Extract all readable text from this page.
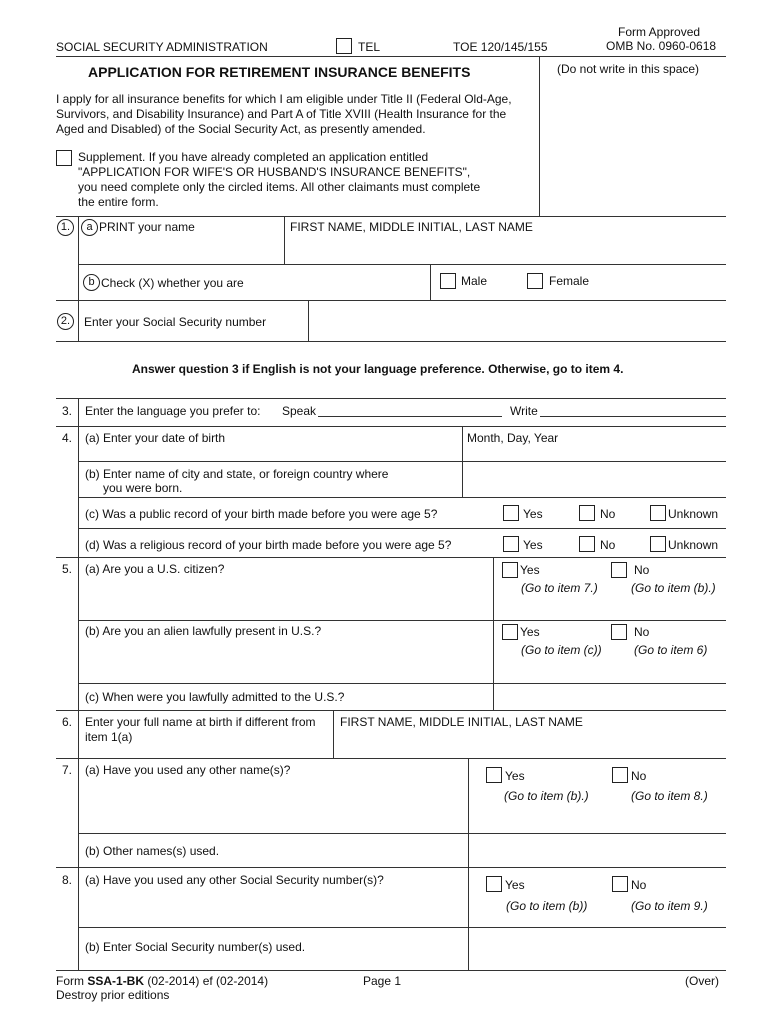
SOCIAL SECURITY ADMINISTRATION	TEL	TOE 120/145/155
Form Approved
OMB No. 0960-0618
APPLICATION FOR RETIREMENT INSURANCE BENEFITS	(Do not write in this space)
I apply for all insurance benefits for which I am eligible under Title II (Federal Old-Age,
Survivors, and Disability Insurance) and Part A of Title XVIII (Health Insurance for the
Aged and Disabled) of the Social Security Act, as presently amended.
Supplement. If you have already completed an application entitled
"APPLICATION FOR WIFE'S OR HUSBAND'S INSURANCE BENEFITS",
you need complete only the circled items. All other claimants must complete
the entire form.
1.	a PRINT your name	FIRST NAME, MIDDLE INITIAL, LAST NAME
b Check (X) whether you are	Male	Female
2.	Enter your Social Security number
Answer question 3 if English is not your language preference. Otherwise, go to item 4.
3. Enter the language you prefer to: Speak	Write
4. (a) Enter your date of birth	Month, Day, Year
(b) Enter name of city and state, or foreign country where
you were born.
(c) Was a public record of your birth made before you were age 5?	Yes	No	Unknown
(d) Was a religious record of your birth made before you were age 5?	Yes	No	Unknown
5. (a) Are you a U.S. citizen?	Yes	No
(Go to item 7.)	(Go to item (b).)
(b) Are you an alien lawfully present in U.S.?	Yes	No
(Go to item (c))	(Go to item 6)
(c) When were you lawfully admitted to the U.S.?
6. Enter your full name at birth if different from
item 1(a)
FIRST NAME, MIDDLE INITIAL, LAST NAME
7. (a) Have you used any other name(s)?	Yes	No
(Go to item (b).)	(Go to item 8.)
(b) Other names(s) used.
8. (a) Have you used any other Social Security number(s)?	Yes	No
(Go to item (b))	(Go to item 9.)
(b) Enter Social Security number(s) used.
Form SSA-1-BK (02-2014) ef (02-2014)
Destroy prior editions
Page 1	(Over)
